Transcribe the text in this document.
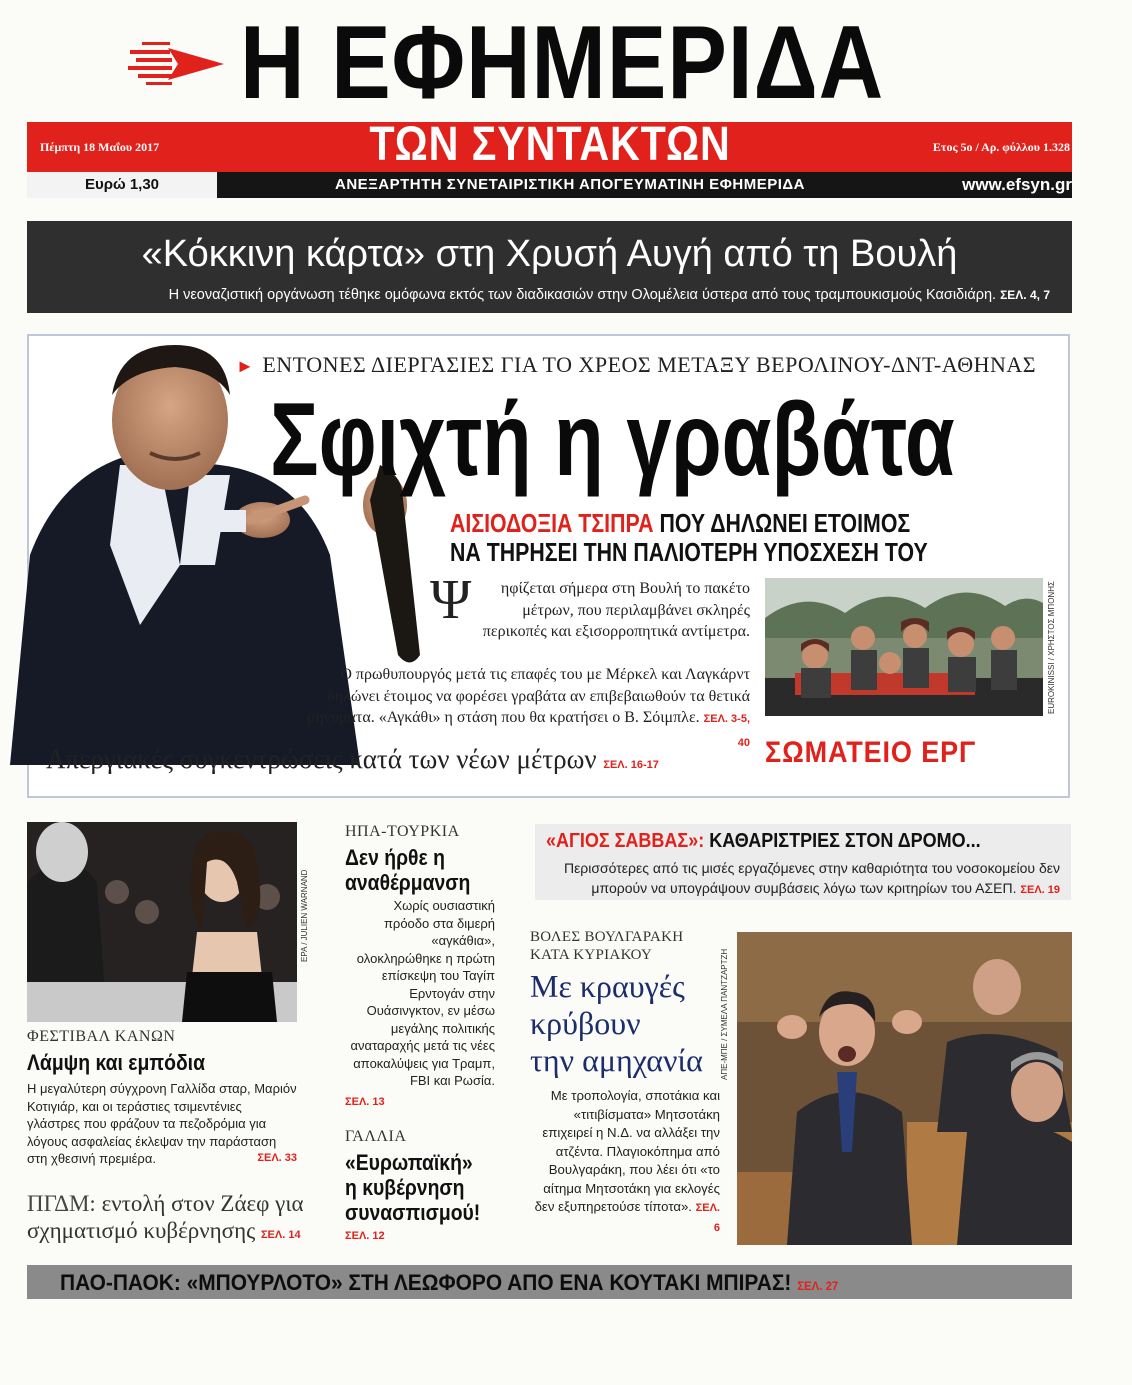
Η ΕΦΗΜΕΡΙΔΑ
Πέμπτη 18 Μαΐου 2017	ΤΩΝ ΣΥΝΤΑΚΤΩΝ	Ετος 5ο / Αρ. φύλλου 1.328
Ευρώ 1,30	ΑΝΕΞΑΡΤΗΤΗ ΣΥΝΕΤΑΙΡΙΣΤΙΚΗ ΑΠΟΓΕΥΜΑΤΙΝΗ ΕΦΗΜΕΡΙΔΑ	www.efsyn.gr
«Κόκκινη κάρτα» στη Χρυσή Αυγή από τη Βουλή
Η νεοναζιστική οργάνωση τέθηκε ομόφωνα εκτός των διαδικασιών στην Ολομέλεια ύστερα από τους τραμπουκισμούς Κασιδιάρη. ΣΕΛ. 4, 7
► ΕΝΤΟΝΕΣ ΔΙΕΡΓΑΣΙΕΣ ΓΙΑ ΤΟ ΧΡΕΟΣ ΜΕΤΑΞΥ ΒΕΡΟΛΙΝΟΥ-ΔΝΤ-ΑΘΗΝΑΣ
Σφιχτή η γραβάτα
ΑΙΣΙΟΔΟΞΙΑ ΤΣΙΠΡΑ ΠΟΥ ΔΗΛΩΝΕΙ ΕΤΟΙΜΟΣ
ΝΑ ΤΗΡΗΣΕΙ ΤΗΝ ΠΑΛΙΟΤΕΡΗ ΥΠΟΣΧΕΣΗ ΤΟΥ
Ψ	ηφίζεται σήμερα στη Βουλή το πακέτο μέτρων, που περιλαμβάνει σκληρές περικοπές και εξισορροπητικά αντίμετρα.
Ο πρωθυπουργός μετά τις επαφές του με Μέρκελ και Λαγκάρντ δηλώνει έτοιμος να φορέσει γραβάτα αν επιβεβαιωθούν τα θετικά μηνύματα. «Αγκάθι» η στάση που θα κρατήσει ο Β. Σόιμπλε. ΣΕΛ. 3-5, 40
EUROKINISSI / ΧΡΗΣΤΟΣ ΜΠΟΝΗΣ
Απεργιακές συγκεντρώσεις κατά των νέων μέτρων ΣΕΛ. 16-17	ΣΩΜΑΤΕΙΟ ΕΡΓ
EPA / JULIEN WARNAND
ΦΕΣΤΙΒΑΛ ΚΑΝΩΝ
Λάμψη και εμπόδια
Η μεγαλύτερη σύγχρονη Γαλλίδα σταρ, Μαριόν Κοτιγιάρ, και οι τεράστιες τσιμεντένιες γλάστρες που φράζουν τα πεζοδρόμια για λόγους ασφαλείας έκλεψαν την παράσταση στη χθεσινή πρεμιέρα.	ΣΕΛ. 33
ΠΓΔΜ: εντολή στον Ζάεφ για σχηματισμό κυβέρνησης ΣΕΛ. 14
ΗΠΑ-ΤΟΥΡΚΙΑ
Δεν ήρθε η
αναθέρμανση
Χωρίς ουσιαστική πρόοδο στα διμερή «αγκάθια», ολοκληρώθηκε η πρώτη επίσκεψη του Ταγίπ Ερντογάν στην Ουάσινγκτον, εν μέσω μεγάλης πολιτικής αναταραχής μετά τις νέες αποκαλύψεις για Τραμπ, FBI και Ρωσία.
ΣΕΛ. 13
ΓΑΛΛΙΑ
«Ευρωπαϊκή»
η κυβέρνηση
συνασπισμού!
ΣΕΛ. 12
«ΑΓΙΟΣ ΣΑΒΒΑΣ»: ΚΑΘΑΡΙΣΤΡΙΕΣ ΣΤΟΝ ΔΡΟΜΟ...
Περισσότερες από τις μισές εργαζόμενες στην καθαριότητα του νοσοκομείου δεν μπορούν να υπογράψουν συμβάσεις λόγω των κριτηρίων του ΑΣΕΠ. ΣΕΛ. 19
ΒΟΛΕΣ ΒΟΥΛΓΑΡΑΚΗ
ΚΑΤΑ ΚΥΡΙΑΚΟΥ
Με κραυγές
κρύβουν
την αμηχανία
Με τροπολογία, σποτάκια και «τιτιβίσματα» Μητσοτάκη επιχειρεί η Ν.Δ. να αλλάξει την ατζέντα. Πλαγιοκόπημα από Βουλγαράκη, που λέει ότι «το αίτημα Μητσοτάκη για εκλογές δεν εξυπηρετούσε τίποτα». ΣΕΛ. 6
ΑΠΕ-ΜΠΕ / ΣΥΜΕΛΑ ΠΑΝΤΖΑΡΤΖΗ
ΠΑΟ-ΠΑΟΚ: «ΜΠΟΥΡΛΟΤΟ» ΣΤΗ ΛΕΩΦΟΡΟ ΑΠΟ ΕΝΑ ΚΟΥΤΑΚΙ ΜΠΙΡΑΣ! ΣΕΛ. 27
